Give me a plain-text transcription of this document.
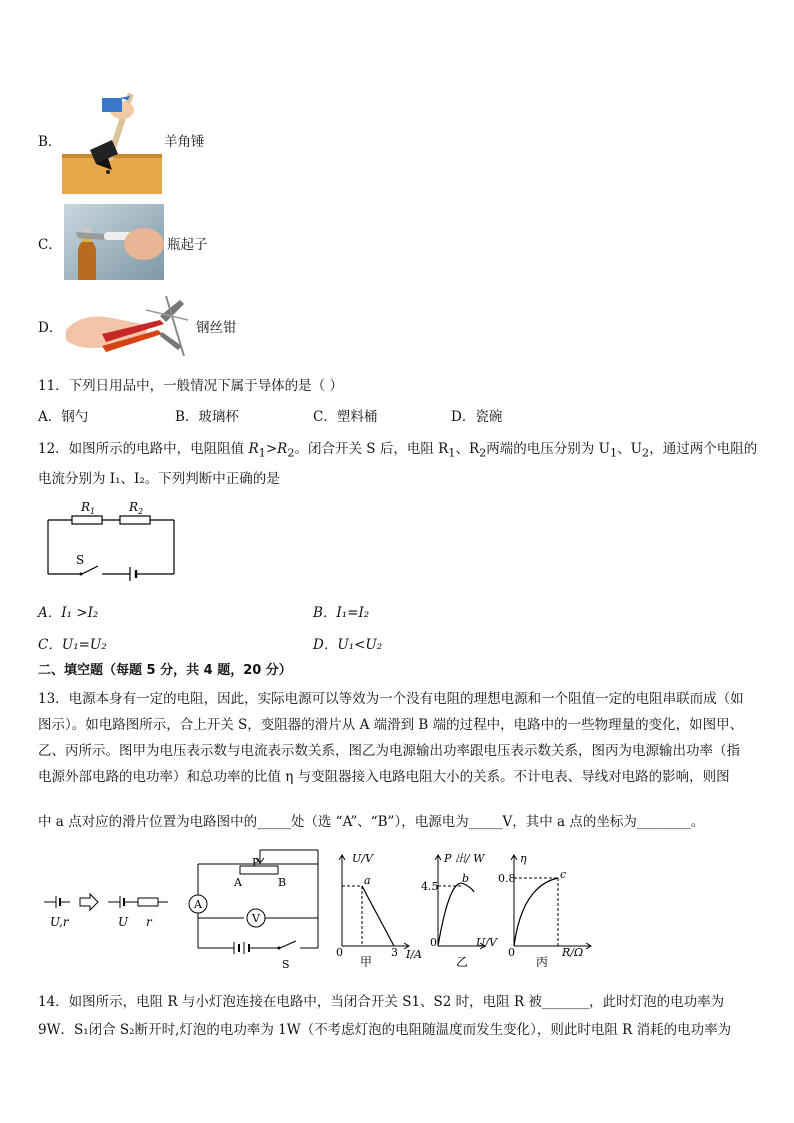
B．	羊角锤
C．	瓶起子
D．	钢丝钳
11．下列日用品中，一般情况下属于导体的是（ ）
A．钢勺	B．玻璃杯	C．塑料桶	D．瓷碗
12．如图所示的电路中，电阻阻值 $R_1>R_2$。闭合开关 S 后，电阻 $R_1$、$R_2$两端的电压分别为 $U_1$、$U_2$，通过两个电阻的
电流分别为 I₁、I₂。下列判断中正确的是
$R_1$	$R_2$
S
A．I₁ >I₂	B．I₁=I₂
C．U₁=U₂	D．U₁<U₂
二、填空题（每题 5 分，共 4 题，20 分）
13．电源本身有一定的电阻，因此，实际电源可以等效为一个没有电阻的理想电源和一个阻值一定的电阻串联而成（如
图示）。如电路图所示，合上开关 S，变阻器的滑片从 A 端滑到 B 端的过程中，电路中的一些物理量的变化，如图甲、
乙、丙所示。图甲为电压表示数与电流表示数关系，图乙为电源输出功率跟电压表示数关系，图丙为电源输出功率（指
电源外部电路的电功率）和总功率的比值 η 与变阻器接入电路电阻大小的关系。不计电表、导线对电路的影响，则图
中 a 点对应的滑片位置为电路图中的_____处（选 “A”、“B”），电源电为_____V，其中 a 点的坐标为________。
U,r	U r
P
A	B
A
V
S
U/V
a
0	3 I/A
甲
P 出/ W
4.5
b
0	U/V
乙
η
0.8	c
0	R/Ω
丙
14．如图所示，电阻 R 与小灯泡连接在电路中，当闭合开关 S1、S2 时，电阻 R 被_______，此时灯泡的电功率为
9W．S₁闭合 S₂断开时,灯泡的电功率为 1W（不考虑灯泡的电阻随温度而发生变化），则此时电阻 R 消耗的电功率为
